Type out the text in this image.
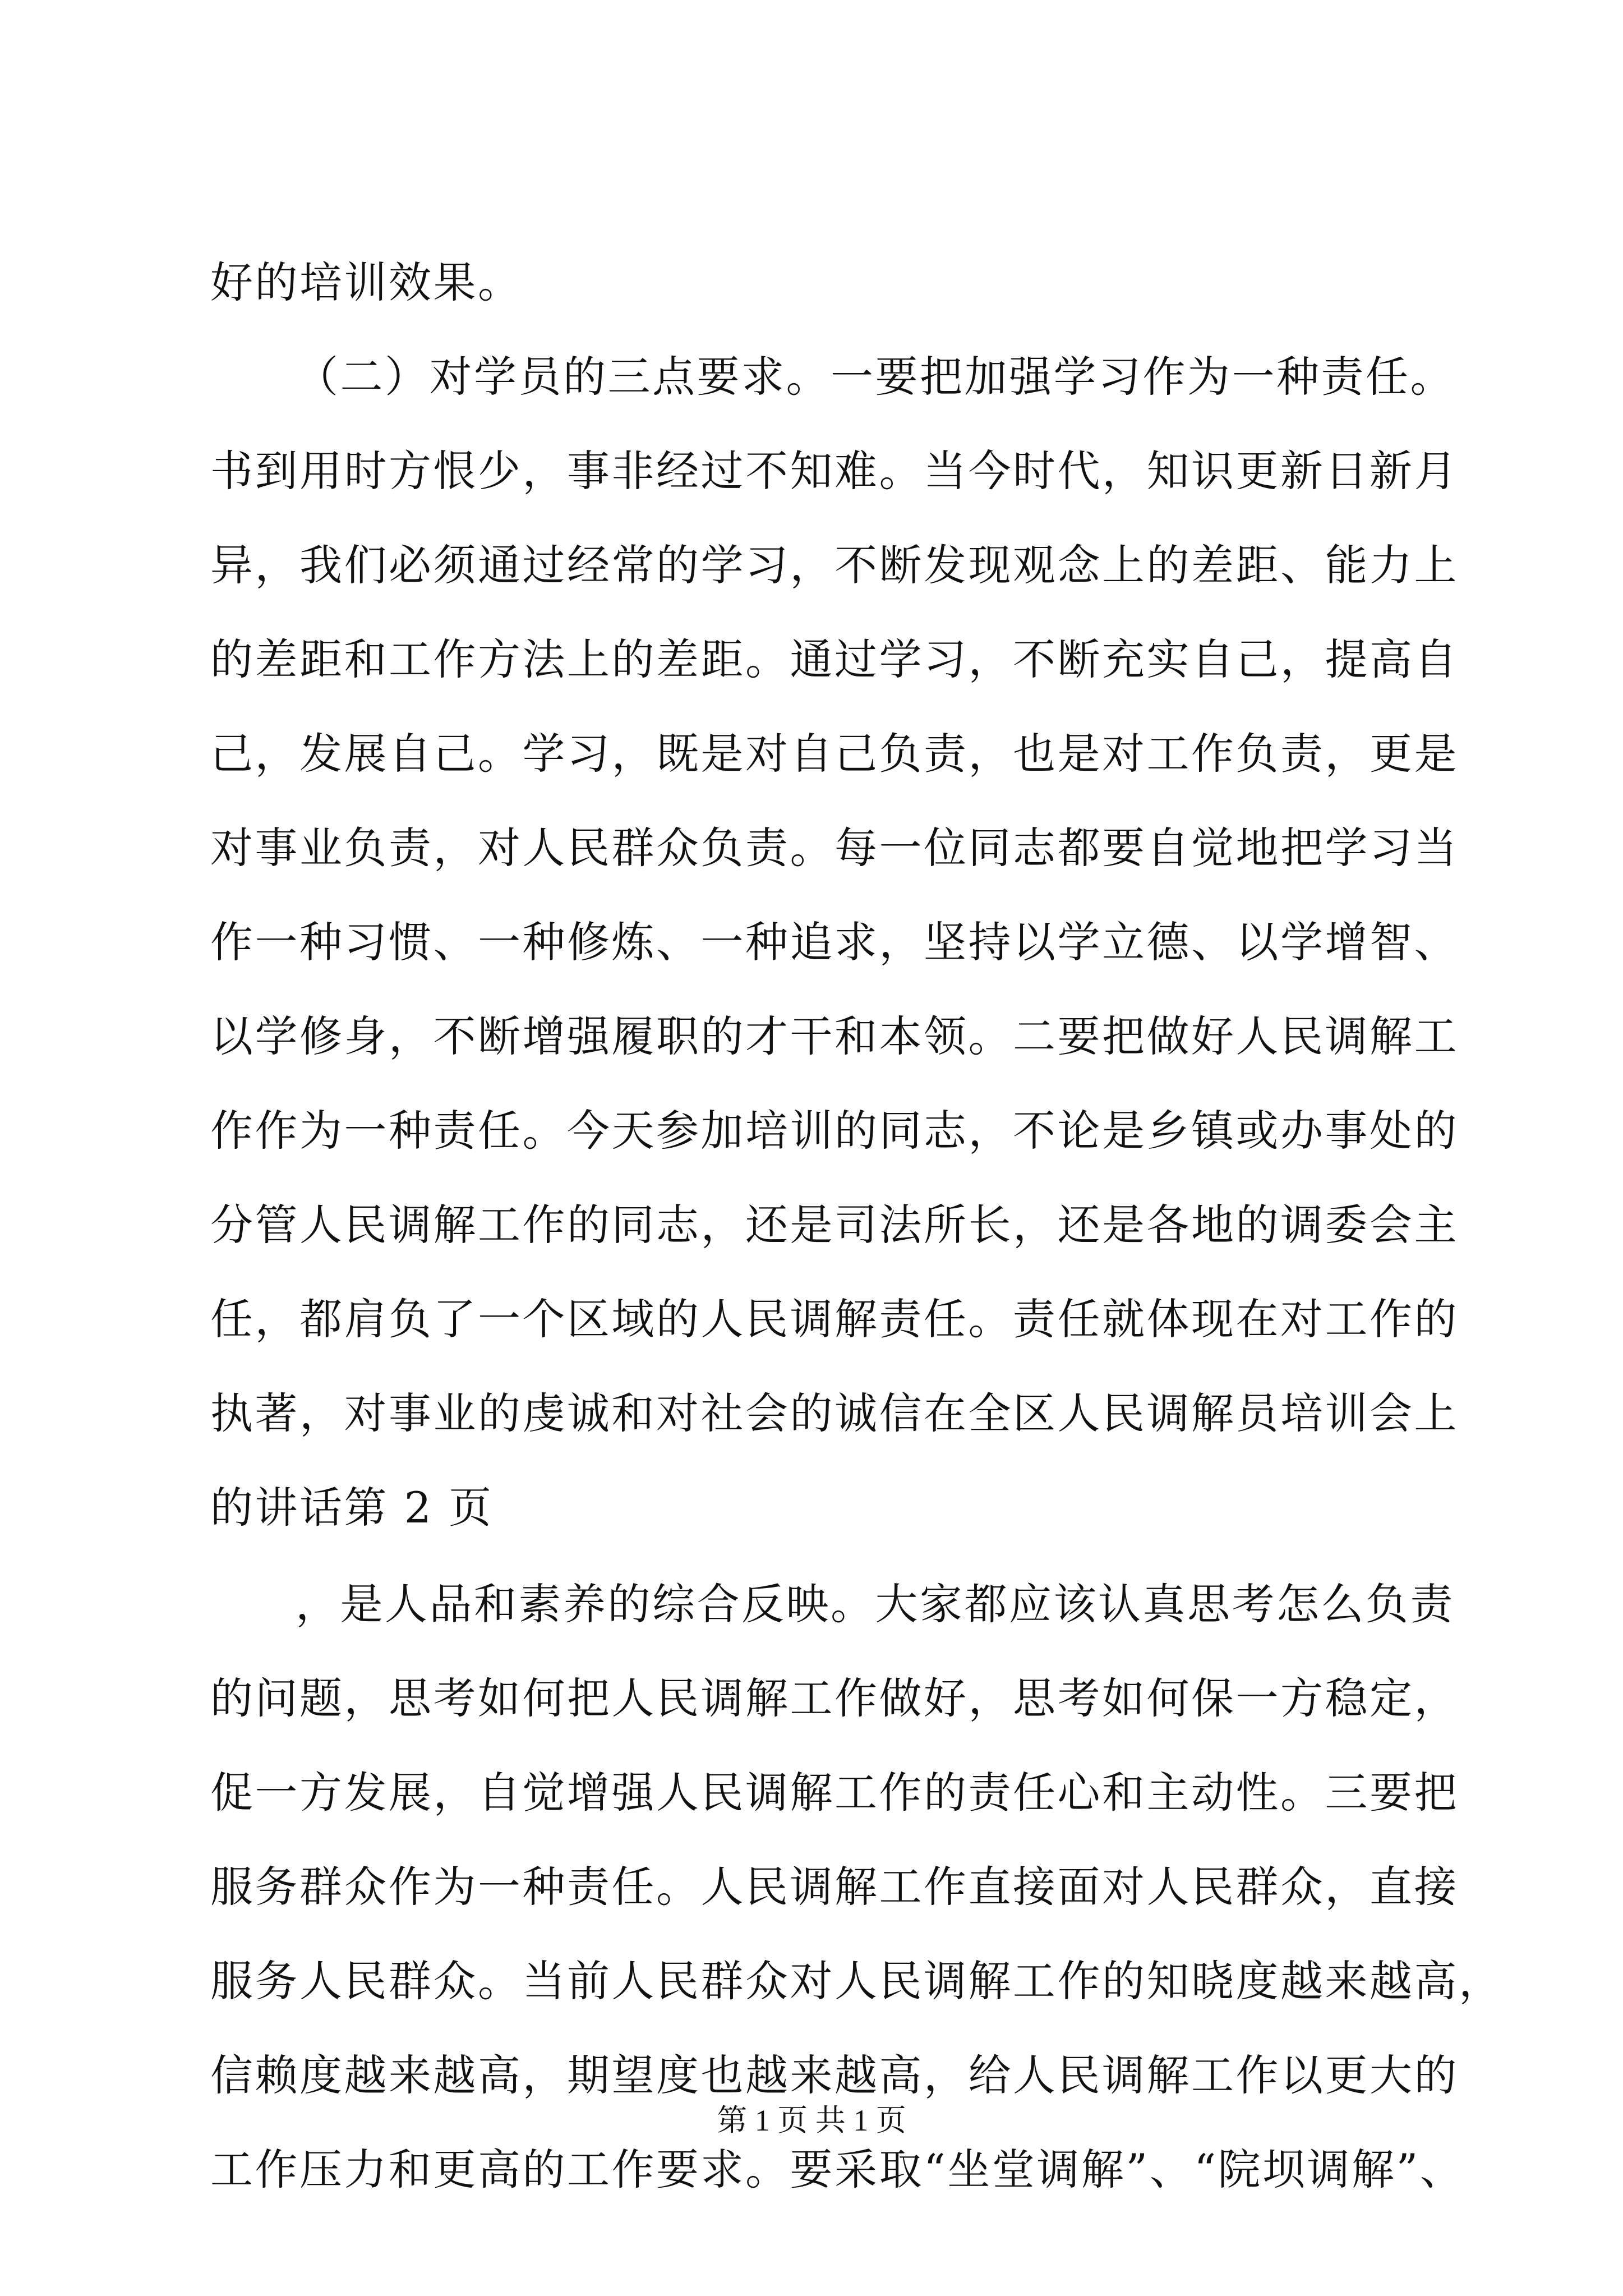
好的培训效果。
（二）对学员的三点要求。一要把加强学习作为一种责任。
书到用时方恨少，事非经过不知难。当今时代，知识更新日新月
异，我们必须通过经常的学习，不断发现观念上的差距、能力上
的差距和工作方法上的差距。通过学习，不断充实自己，提高自
己，发展自己。学习，既是对自己负责，也是对工作负责，更是
对事业负责，对人民群众负责。每一位同志都要自觉地把学习当
作一种习惯、一种修炼、一种追求，坚持以学立德、以学增智、
以学修身，不断增强履职的才干和本领。二要把做好人民调解工
作作为一种责任。今天参加培训的同志，不论是乡镇或办事处的
分管人民调解工作的同志，还是司法所长，还是各地的调委会主
任，都肩负了一个区域的人民调解责任。责任就体现在对工作的
执著，对事业的虔诚和对社会的诚信在全区人民调解员培训会上
的讲话第 2 页
，是人品和素养的综合反映。大家都应该认真思考怎么负责
的问题，思考如何把人民调解工作做好，思考如何保一方稳定，
促一方发展，自觉增强人民调解工作的责任心和主动性。三要把
服务群众作为一种责任。人民调解工作直接面对人民群众，直接
服务人民群众。当前人民群众对人民调解工作的知晓度越来越高，
信赖度越来越高，期望度也越来越高，给人民调解工作以更大的
工作压力和更高的工作要求。要采取“坐堂调解”、“院坝调解”、
第 1 页 共 1 页
